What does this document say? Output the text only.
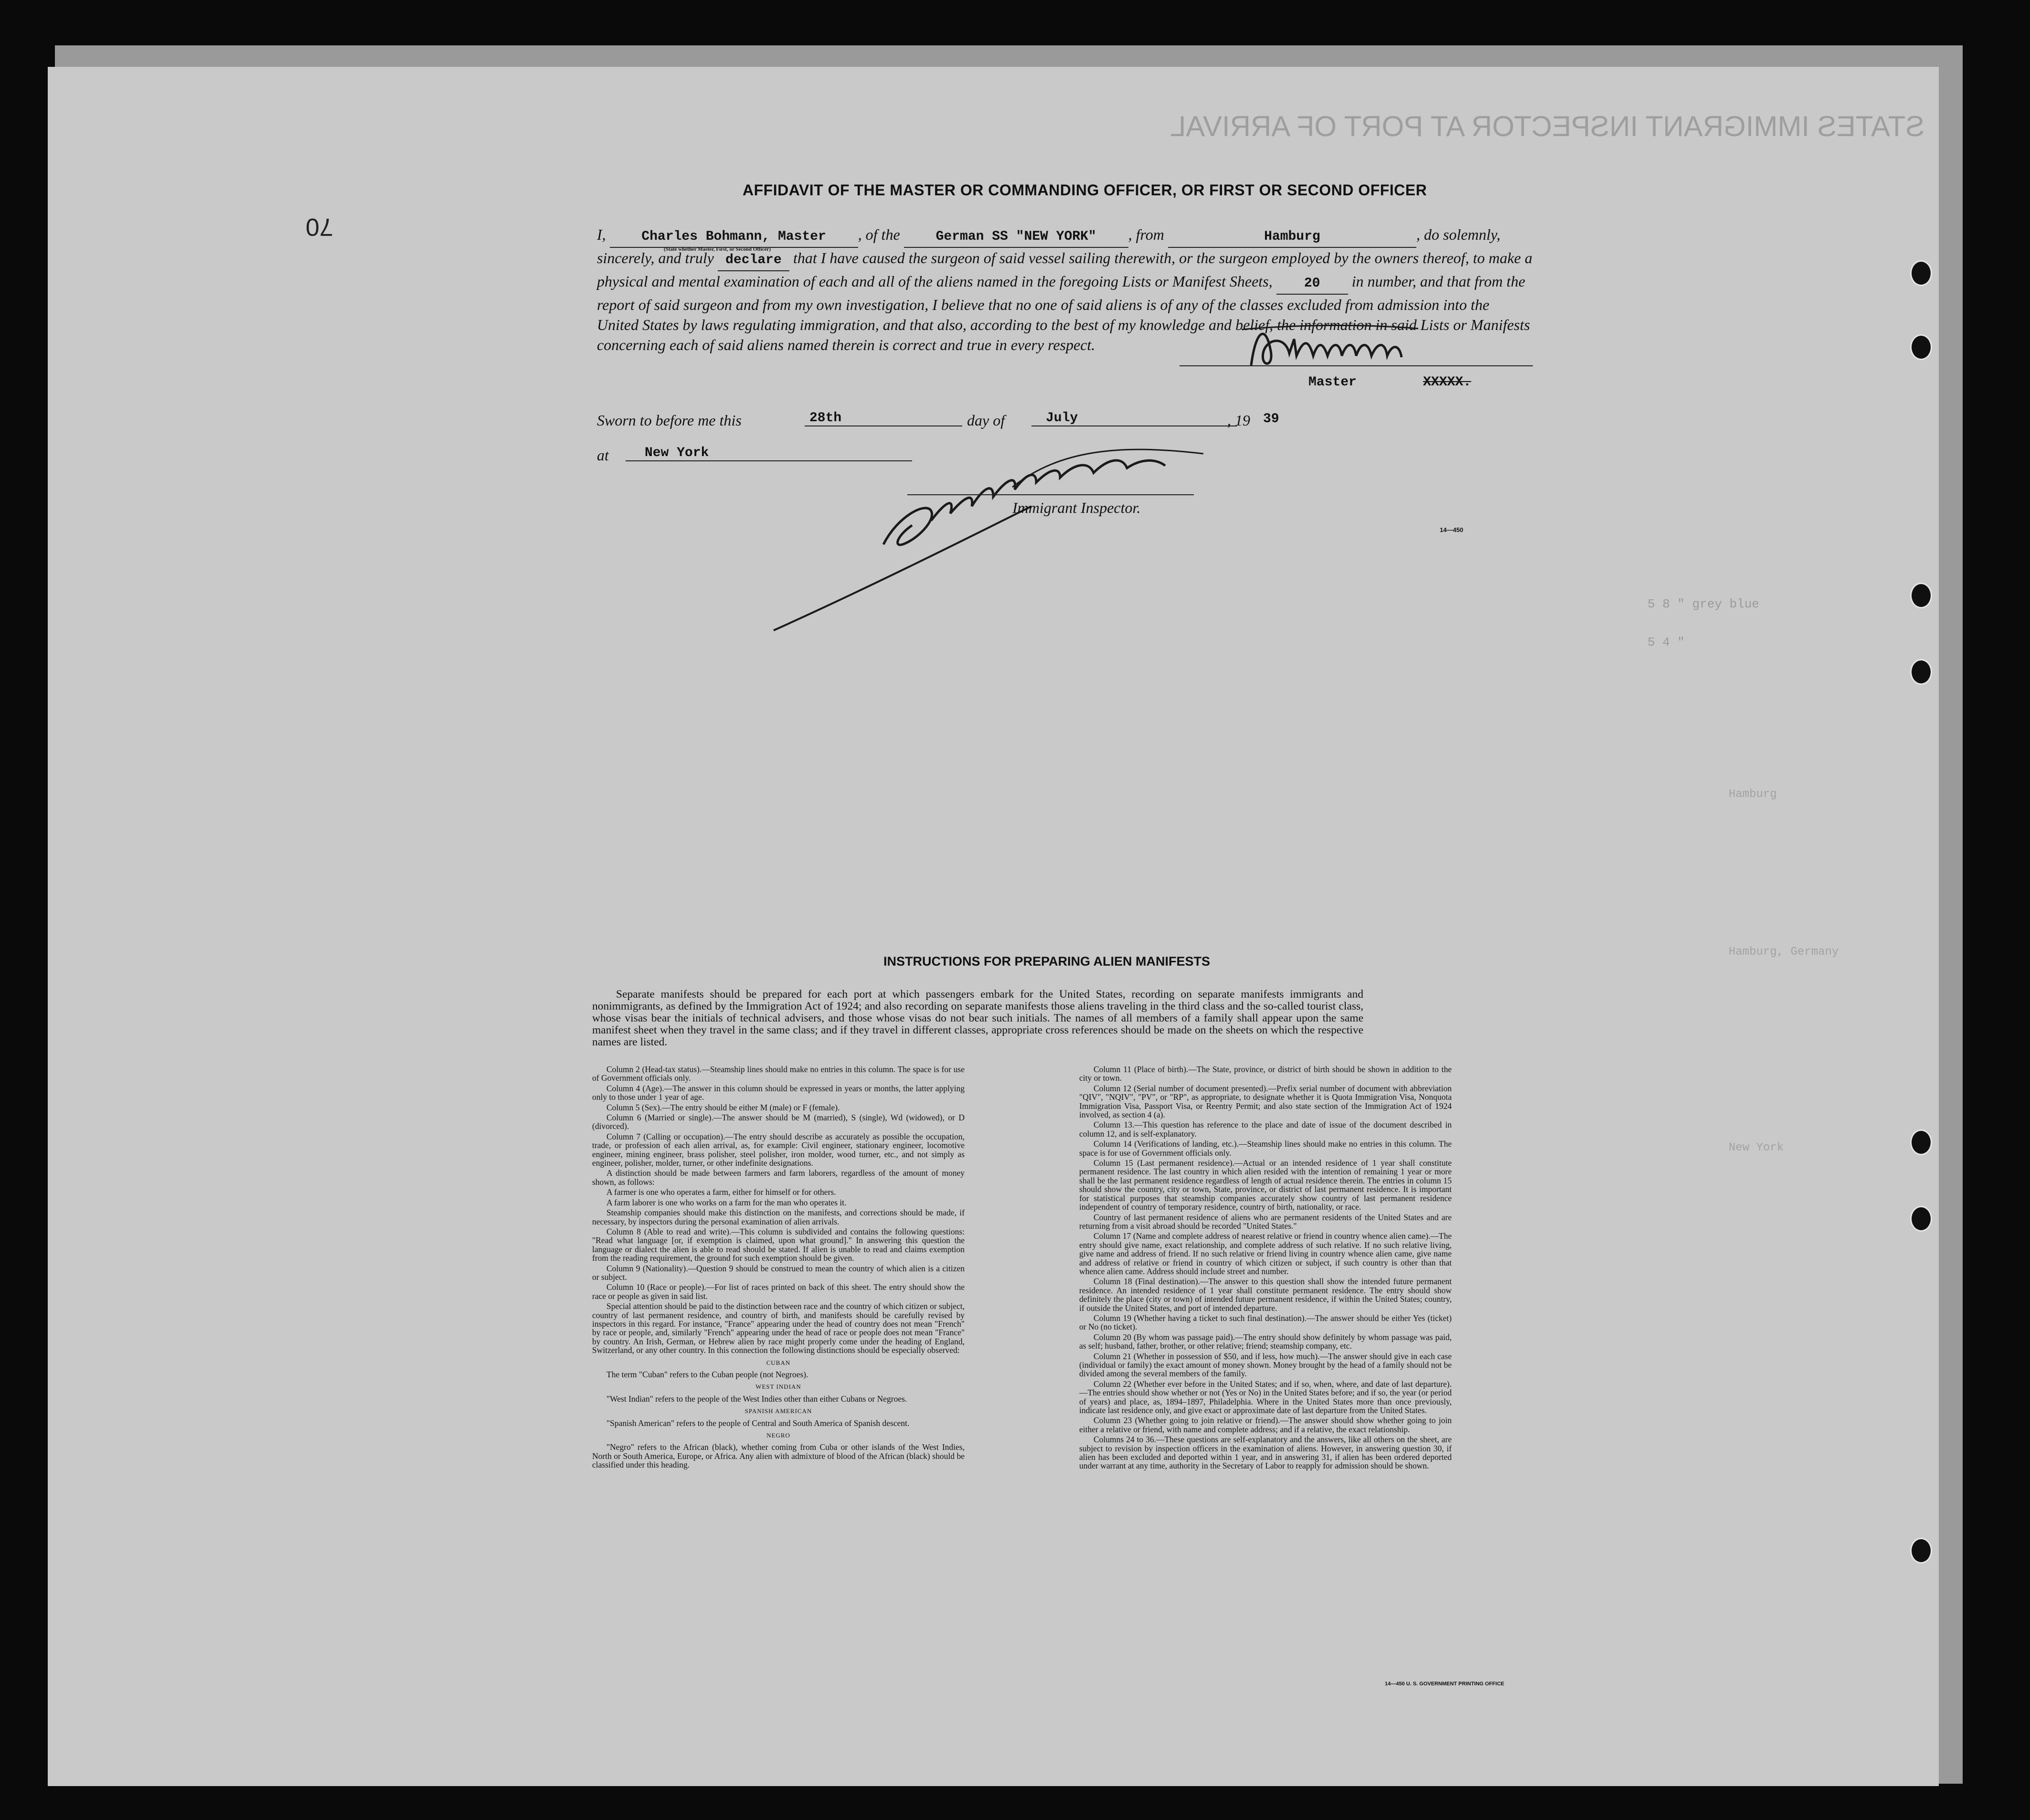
STATES IMMIGRANT INSPECTOR AT PORT OF ARRIVAL
5 8 " grey blue
5 4 "
Hamburg
Hamburg, Germany
New York
70
AFFIDAVIT OF THE MASTER OR COMMANDING OFFICER, OR FIRST OR SECOND OFFICER
I,	Charles Bohmann, Master , of the	German SS "NEW YORK" , from	Hamburg	, do solemnly, sincerely, and truly declare that I have caused the surgeon of said vessel sailing therewith, or the surgeon employed by the owners thereof, to make a physical and mental examination of each and all of the aliens named in the foregoing Lists or Manifest Sheets, 20 in number, and that from the report of said surgeon and from my own investigation, I believe that no one of said aliens is of any of the classes excluded from admission into the United States by laws regulating immigration, and that also, according to the best of my knowledge and belief, the information in said Lists or Manifests concerning each of said aliens named therein is correct and true in every respect.
(State whether Master, First, or Second Officer)
Master	XXXXX.
Sworn to before me this	28th	day of	July	, 19 39
at	New York
Immigrant Inspector.
14—450
INSTRUCTIONS FOR PREPARING ALIEN MANIFESTS

Separate manifests should be prepared for each port at which passengers embark for the United States, recording on separate manifests immigrants and nonimmigrants, as defined by the Immigration Act of 1924; and also recording on separate manifests those aliens traveling in the third class and the so-called tourist class, whose visas bear the initials of technical advisers, and those whose visas do not bear such initials. The names of all members of a family shall appear upon the same manifest sheet when they travel in the same class; and if they travel in different classes, appropriate cross references should be made on the sheets on which the respective names are listed.

Column 2 (Head-tax status).—Steamship lines should make no entries in this column. The space is for use of Government officials only.

Column 4 (Age).—The answer in this column should be expressed in years or months, the latter applying only to those under 1 year of age.

Column 5 (Sex).—The entry should be either M (male) or F (female).

Column 6 (Married or single).—The answer should be M (married), S (single), Wd (widowed), or D (divorced).

Column 7 (Calling or occupation).—The entry should describe as accurately as possible the occupation, trade, or profession of each alien arrival, as, for example: Civil engineer, stationary engineer, locomotive engineer, mining engineer, brass polisher, steel polisher, iron molder, wood turner, etc., and not simply as engineer, polisher, molder, turner, or other indefinite designations.

A distinction should be made between farmers and farm laborers, regardless of the amount of money shown, as follows:

A farmer is one who operates a farm, either for himself or for others.

A farm laborer is one who works on a farm for the man who operates it.

Steamship companies should make this distinction on the manifests, and corrections should be made, if necessary, by inspectors during the personal examination of alien arrivals.

Column 8 (Able to read and write).—This column is subdivided and contains the following questions: "Read what language [or, if exemption is claimed, upon what ground]." In answering this question the language or dialect the alien is able to read should be stated. If alien is unable to read and claims exemption from the reading requirement, the ground for such exemption should be given.

Column 9 (Nationality).—Question 9 should be construed to mean the country of which alien is a citizen or subject.

Column 10 (Race or people).—For list of races printed on back of this sheet. The entry should show the race or people as given in said list.

Special attention should be paid to the distinction between race and the country of which citizen or subject, country of last permanent residence, and country of birth, and manifests should be carefully revised by inspectors in this regard. For instance, "France" appearing under the head of country does not mean "French" by race or people, and, similarly "French" appearing under the head of race or people does not mean "France" by country. An Irish, German, or Hebrew alien by race might properly come under the heading of England, Switzerland, or any other country. In this connection the following distinctions should be especially observed:

CUBAN

The term "Cuban" refers to the Cuban people (not Negroes).

WEST INDIAN

"West Indian" refers to the people of the West Indies other than either Cubans or Negroes.

SPANISH AMERICAN

"Spanish American" refers to the people of Central and South America of Spanish descent.

NEGRO

"Negro" refers to the African (black), whether coming from Cuba or other islands of the West Indies, North or South America, Europe, or Africa. Any alien with admixture of blood of the African (black) should be classified under this heading.

Column 11 (Place of birth).—The State, province, or district of birth should be shown in addition to the city or town.

Column 12 (Serial number of document presented).—Prefix serial number of document with abbreviation "QIV", "NQIV", "PV", or "RP", as appropriate, to designate whether it is Quota Immigration Visa, Nonquota Immigration Visa, Passport Visa, or Reentry Permit; and also state section of the Immigration Act of 1924 involved, as section 4 (a).

Column 13.—This question has reference to the place and date of issue of the document described in column 12, and is self-explanatory.

Column 14 (Verifications of landing, etc.).—Steamship lines should make no entries in this column. The space is for use of Government officials only.

Column 15 (Last permanent residence).—Actual or an intended residence of 1 year shall constitute permanent residence. The last country in which alien resided with the intention of remaining 1 year or more shall be the last permanent residence regardless of length of actual residence therein. The entries in column 15 should show the country, city or town, State, province, or district of last permanent residence. It is important for statistical purposes that steamship companies accurately show country of last permanent residence independent of country of temporary residence, country of birth, nationality, or race.

Country of last permanent residence of aliens who are permanent residents of the United States and are returning from a visit abroad should be recorded "United States."

Column 17 (Name and complete address of nearest relative or friend in country whence alien came).—The entry should give name, exact relationship, and complete address of such relative. If no such relative living, give name and address of friend. If no such relative or friend living in country whence alien came, give name and address of relative or friend in country of which citizen or subject, if such country is other than that whence alien came. Address should include street and number.

Column 18 (Final destination).—The answer to this question shall show the intended future permanent residence. An intended residence of 1 year shall constitute permanent residence. The entry should show definitely the place (city or town) of intended future permanent residence, if within the United States; country, if outside the United States, and port of intended departure.

Column 19 (Whether having a ticket to such final destination).—The answer should be either Yes (ticket) or No (no ticket).

Column 20 (By whom was passage paid).—The entry should show definitely by whom passage was paid, as self; husband, father, brother, or other relative; friend; steamship company, etc.

Column 21 (Whether in possession of $50, and if less, how much).—The answer should give in each case (individual or family) the exact amount of money shown. Money brought by the head of a family should not be divided among the several members of the family.

Column 22 (Whether ever before in the United States; and if so, when, where, and date of last departure).—The entries should show whether or not (Yes or No) in the United States before; and if so, the year (or period of years) and place, as, 1894–1897, Philadelphia. Where in the United States more than once previously, indicate last residence only, and give exact or approximate date of last departure from the United States.

Column 23 (Whether going to join relative or friend).—The answer should show whether going to join either a relative or friend, with name and complete address; and if a relative, the exact relationship.

Columns 24 to 36.—These questions are self-explanatory and the answers, like all others on the sheet, are subject to revision by inspection officers in the examination of aliens. However, in answering question 30, if alien has been excluded and deported within 1 year, and in answering 31, if alien has been ordered deported under warrant at any time, authority in the Secretary of Labor to reapply for admission should be shown.

14—450 U. S. GOVERNMENT PRINTING OFFICE
